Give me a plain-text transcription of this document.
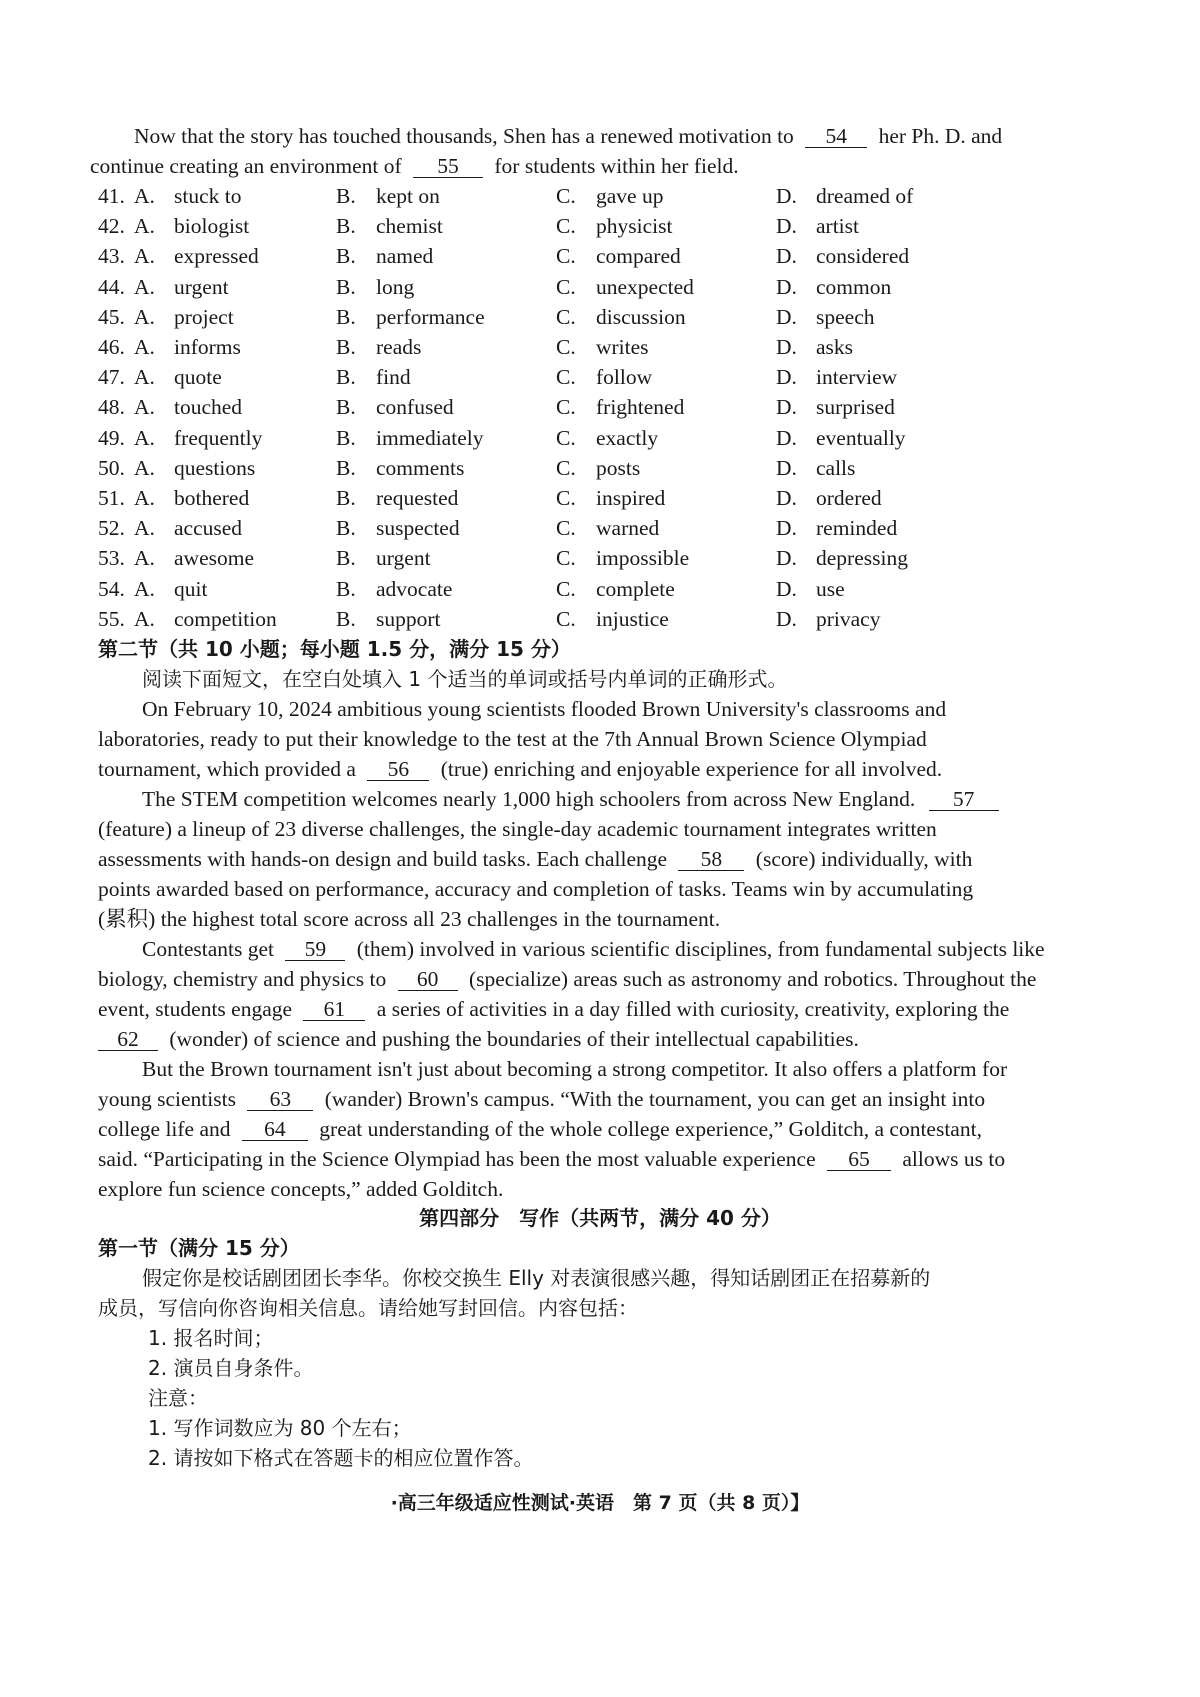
Now that the story has touched thousands, Shen has a renewed motivation to 54 her Ph. D. and
continue creating an environment of 55 for students within her field.
41. A. stuck to	B. kept on	C. gave up	D. dreamed of
42. A. biologist	B. chemist	C. physicist	D. artist
43. A. expressed	B. named	C. compared	D. considered
44. A. urgent	B. long	C. unexpected	D. common
45. A. project	B. performance	C. discussion	D. speech
46. A. informs	B. reads	C. writes	D. asks
47. A. quote	B. find	C. follow	D. interview
48. A. touched	B. confused	C. frightened	D. surprised
49. A. frequently	B. immediately	C. exactly	D. eventually
50. A. questions	B. comments	C. posts	D. calls
51. A. bothered	B. requested	C. inspired	D. ordered
52. A. accused	B. suspected	C. warned	D. reminded
53. A. awesome	B. urgent	C. impossible	D. depressing
54. A. quit	B. advocate	C. complete	D. use
55. A. competition	B. support	C. injustice	D. privacy
第二节（共 10 小题；每小题 1.5 分，满分 15 分）
阅读下面短文，在空白处填入 1 个适当的单词或括号内单词的正确形式。
On February 10, 2024 ambitious young scientists flooded Brown University's classrooms and
laboratories, ready to put their knowledge to the test at the 7th Annual Brown Science Olympiad
tournament, which provided a 56 (true) enriching and enjoyable experience for all involved.
The STEM competition welcomes nearly 1,000 high schoolers from across New England. 57
(feature) a lineup of 23 diverse challenges, the single-day academic tournament integrates written
assessments with hands-on design and build tasks. Each challenge 58 (score) individually, with
points awarded based on performance, accuracy and completion of tasks. Teams win by accumulating
(累积) the highest total score across all 23 challenges in the tournament.
Contestants get 59 (them) involved in various scientific disciplines, from fundamental subjects like
biology, chemistry and physics to 60 (specialize) areas such as astronomy and robotics. Throughout the
event, students engage 61 a series of activities in a day filled with curiosity, creativity, exploring the
62 (wonder) of science and pushing the boundaries of their intellectual capabilities.
But the Brown tournament isn't just about becoming a strong competitor. It also offers a platform for
young scientists 63 (wander) Brown's campus. “With the tournament, you can get an insight into
college life and 64 great understanding of the whole college experience,” Golditch, a contestant,
said. “Participating in the Science Olympiad has been the most valuable experience 65 allows us to
explore fun science concepts,” added Golditch.
第四部分　写作（共两节，满分 40 分）
第一节（满分 15 分）
假定你是校话剧团团长李华。你校交换生 Elly 对表演很感兴趣，得知话剧团正在招募新的
成员，写信向你咨询相关信息。请给她写封回信。内容包括：
1. 报名时间；
2. 演员自身条件。
注意：
1. 写作词数应为 80 个左右；
2. 请按如下格式在答题卡的相应位置作答。
·高三年级适应性测试·英语　第 7 页（共 8 页）】
